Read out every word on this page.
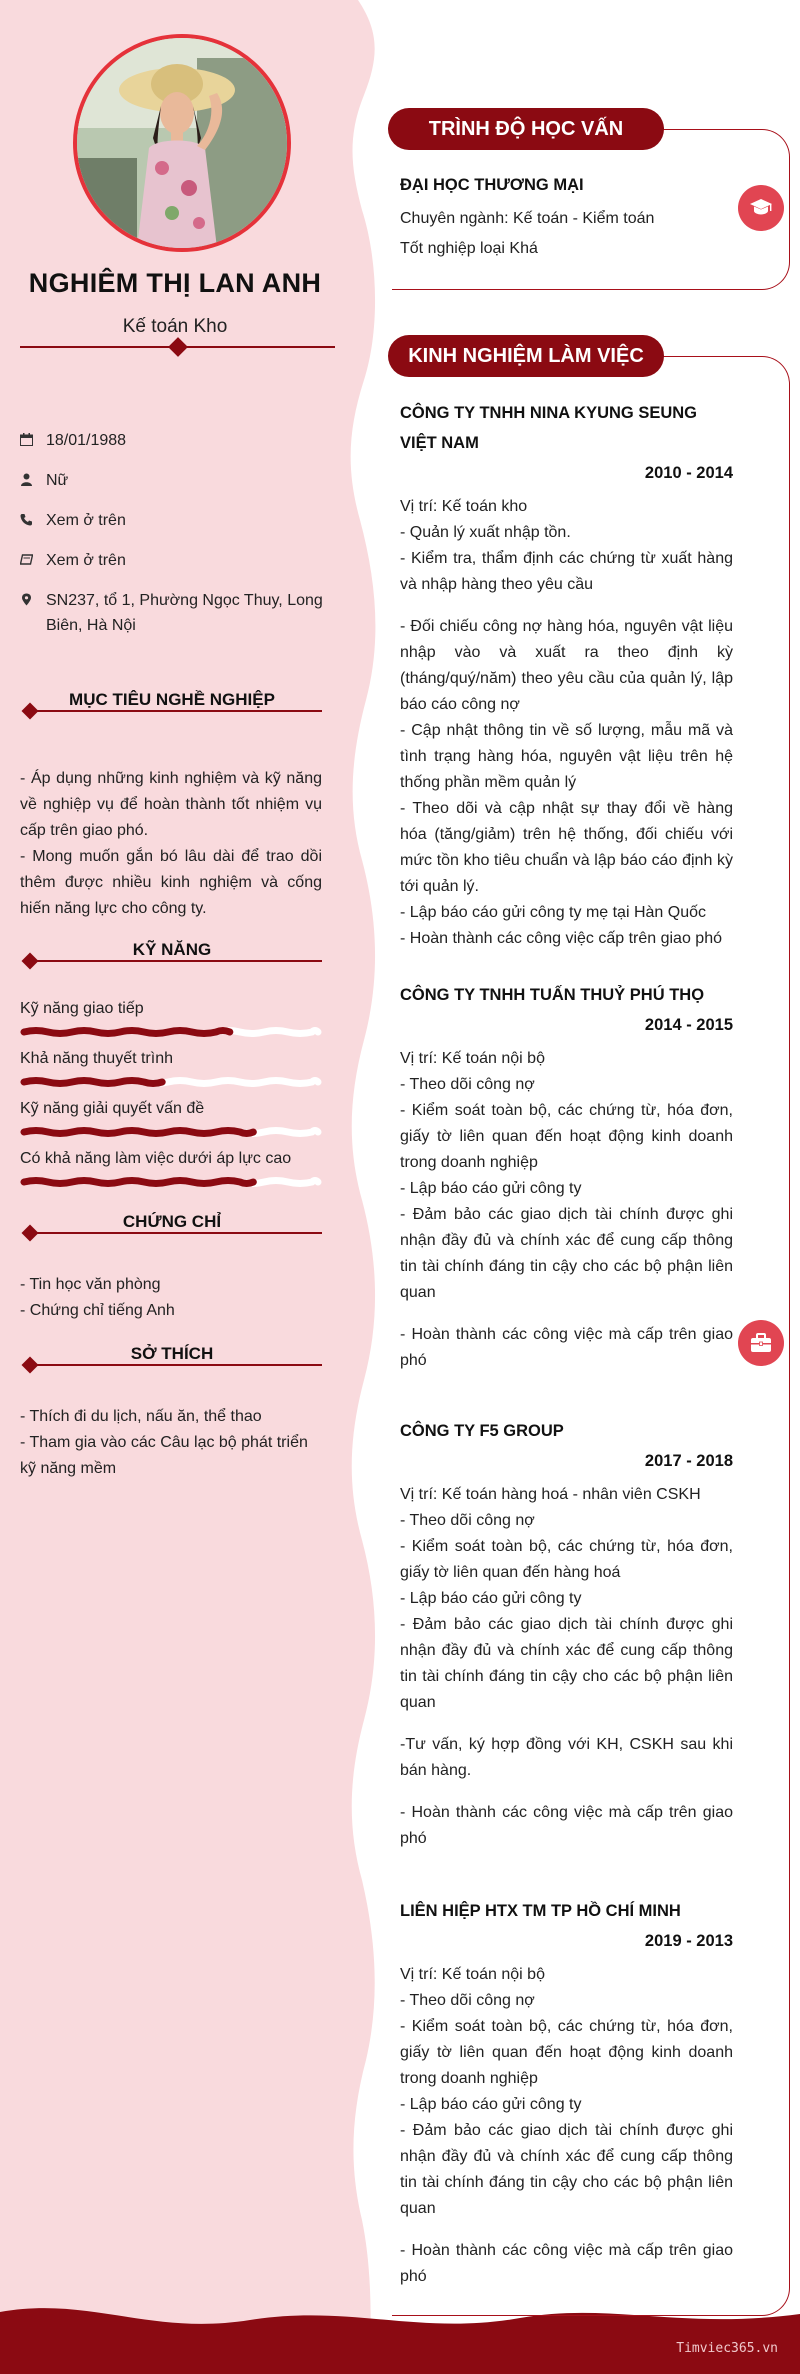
NGHIÊM THỊ LAN ANH
Kế toán Kho
18/01/1988
Nữ
Xem ở trên
Xem ở trên
SN237, tổ 1, Phường Ngọc Thuy, Long Biên, Hà Nội
MỤC TIÊU NGHỀ NGHIỆP

- Áp dụng những kinh nghiệm và kỹ năng về nghiệp vụ để hoàn thành tốt nhiệm vụ cấp trên giao phó.

- Mong muốn gắn bó lâu dài để trao dồi thêm được nhiều kinh nghiệm và cống hiến năng lực cho công ty.

KỸ NĂNG
Kỹ năng giao tiếp
Khả năng thuyết trình
Kỹ năng giải quyết vấn đề
Có khả năng làm việc dưới áp lực cao
CHỨNG CHỈ

- Tin học văn phòng

- Chứng chỉ tiếng Anh

SỞ THÍCH

- Thích đi du lịch, nấu ăn, thể thao

- Tham gia vào các Câu lạc bộ phát triển kỹ năng mềm

TRÌNH ĐỘ HỌC VẤN
ĐẠI HỌC THƯƠNG MẠI
Chuyên ngành: Kế toán - Kiểm toán
Tốt nghiệp loại Khá
KINH NGHIỆM LÀM VIỆC
CÔNG TY TNHH NINA KYUNG SEUNG VIỆT NAM
2010 - 2014

Vị trí: Kế toán kho

- Quản lý xuất nhập tồn.

- Kiểm tra, thẩm định các chứng từ xuất hàng và nhập hàng theo yêu cầu

- Đối chiếu công nợ hàng hóa, nguyên vật liệu nhập vào và xuất ra theo định kỳ (tháng/quý/năm) theo yêu cầu của quản lý, lập báo cáo công nợ

- Cập nhật thông tin về số lượng, mẫu mã và tình trạng hàng hóa, nguyên vật liệu trên hệ thống phần mềm quản lý

- Theo dõi và cập nhật sự thay đổi về hàng hóa (tăng/giảm) trên hệ thống, đối chiếu với mức tồn kho tiêu chuẩn và lập báo cáo định kỳ tới quản lý.

- Lập báo cáo gửi công ty mẹ tại Hàn Quốc

- Hoàn thành các công việc cấp trên giao phó

CÔNG TY TNHH TUẤN THUỶ PHÚ THỌ
2014 - 2015

Vị trí: Kế toán nội bộ

- Theo dõi công nợ

- Kiểm soát toàn bộ, các chứng từ, hóa đơn, giấy tờ liên quan đến hoạt động kinh doanh trong doanh nghiệp

- Lập báo cáo gửi công ty

- Đảm bảo các giao dịch tài chính được ghi nhận đầy đủ và chính xác để cung cấp thông tin tài chính đáng tin cậy cho các bộ phận liên quan

- Hoàn thành các công việc mà cấp trên giao phó

CÔNG TY F5 GROUP
2017 - 2018

Vị trí: Kế toán hàng hoá - nhân viên CSKH

- Theo dõi công nợ

- Kiểm soát toàn bộ, các chứng từ, hóa đơn, giấy tờ liên quan đến hàng hoá

- Lập báo cáo gửi công ty

- Đảm bảo các giao dịch tài chính được ghi nhận đầy đủ và chính xác để cung cấp thông tin tài chính đáng tin cậy cho các bộ phận liên quan

-Tư vấn, ký hợp đồng với KH, CSKH sau khi bán hàng.

- Hoàn thành các công việc mà cấp trên giao phó

LIÊN HIỆP HTX TM TP HỒ CHÍ MINH
2019 - 2013

Vị trí: Kế toán nội bộ

- Theo dõi công nợ

- Kiểm soát toàn bộ, các chứng từ, hóa đơn, giấy tờ liên quan đến hoạt động kinh doanh trong doanh nghiệp

- Lập báo cáo gửi công ty

- Đảm bảo các giao dịch tài chính được ghi nhận đầy đủ và chính xác để cung cấp thông tin tài chính đáng tin cậy cho các bộ phận liên quan

- Hoàn thành các công việc mà cấp trên giao phó

Timviec365.vn
